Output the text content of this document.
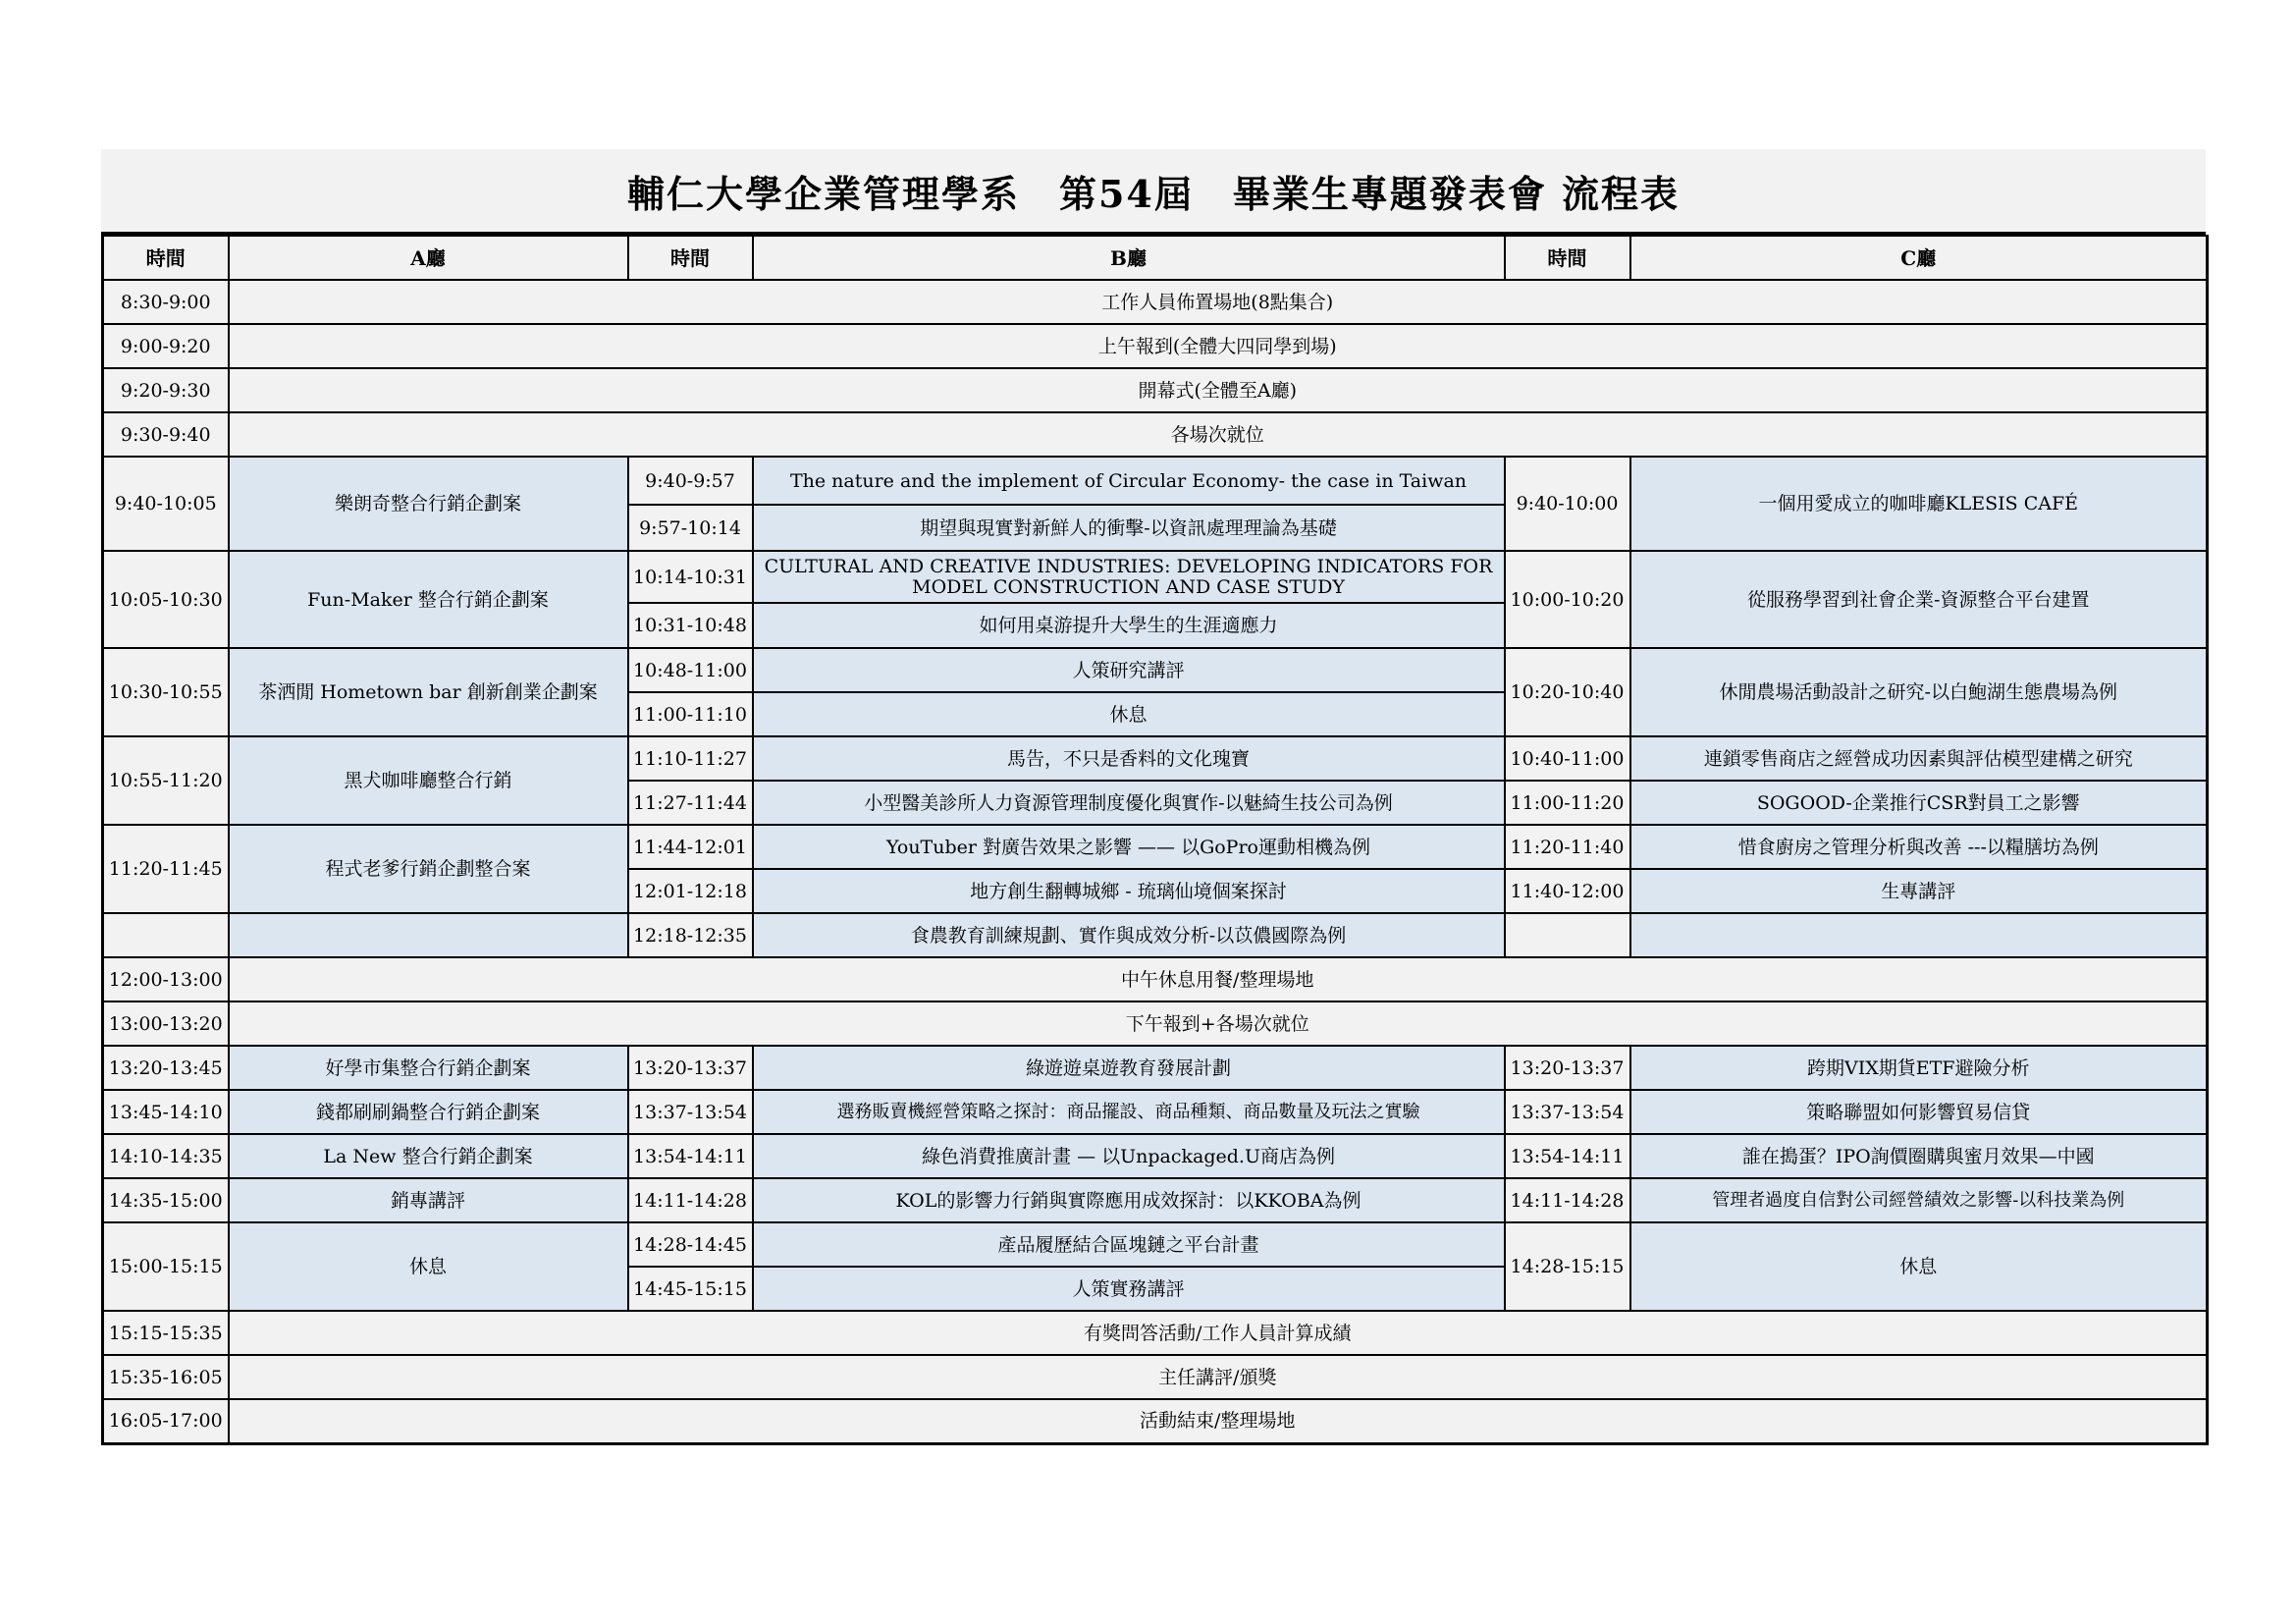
輔仁大學企業管理學系　第54屆　畢業生專題發表會 流程表
時間	A廳	時間	B廳	時間	C廳
8:30-9:00	工作人員佈置場地(8點集合)				
9:00-9:20	上午報到(全體大四同學到場)				
9:20-9:30	開幕式(全體至A廳)				
9:30-9:40	各場次就位				
9:40-10:05	樂朗奇整合行銷企劃案	9:40-9:57	The nature and the implement of Circular Economy- the case in Taiwan	9:40-10:00	一個用愛成立的咖啡廳KLESIS CAFÉ
		9:57-10:14	期望與現實對新鮮人的衝擊-以資訊處理理論為基礎		
10:05-10:30	Fun-Maker 整合行銷企劃案	10:14-10:31	CULTURAL AND CREATIVE INDUSTRIES: DEVELOPING INDICATORS FOR MODEL CONSTRUCTION AND CASE STUDY	10:00-10:20	從服務學習到社會企業-資源整合平台建置
		10:31-10:48	如何用桌游提升大學生的生涯適應力		
10:30-10:55	茶洒閒 Hometown bar 創新創業企劃案	10:48-11:00	人策研究講評	10:20-10:40	休閒農場活動設計之研究-以白鮑湖生態農場為例
		11:00-11:10	休息		
10:55-11:20	黑犬咖啡廳整合行銷	11:10-11:27	馬告，不只是香料的文化瑰寶	10:40-11:00	連鎖零售商店之經營成功因素與評估模型建構之研究
		11:27-11:44	小型醫美診所人力資源管理制度優化與實作-以魅綺生技公司為例	11:00-11:20	SOGOOD-企業推行CSR對員工之影響
11:20-11:45	程式老爹行銷企劃整合案	11:44-12:01	YouTuber 對廣告效果之影響 —— 以GoPro運動相機為例	11:20-11:40	惜食廚房之管理分析與改善 ---以糧膳坊為例
		12:01-12:18	地方創生翻轉城鄉 - 琉璃仙境個案探討	11:40-12:00	生專講評
		12:18-12:35	食農教育訓練規劃、實作與成效分析-以苡儂國際為例		
12:00-13:00	中午休息用餐/整理場地				
13:00-13:20	下午報到+各場次就位				
13:20-13:45	好學市集整合行銷企劃案	13:20-13:37	綠遊遊桌遊教育發展計劃	13:20-13:37	跨期VIX期貨ETF避險分析
13:45-14:10	錢都刷刷鍋整合行銷企劃案	13:37-13:54	選務販賣機經營策略之探討：商品擺設、商品種類、商品數量及玩法之實驗	13:37-13:54	策略聯盟如何影響貿易信貸
14:10-14:35	La New 整合行銷企劃案	13:54-14:11	綠色消費推廣計畫 — 以Unpackaged.U商店為例	13:54-14:11	誰在搗蛋？IPO詢價圈購與蜜月效果—中國
14:35-15:00	銷專講評	14:11-14:28	KOL的影響力行銷與實際應用成效探討：以KKOBA為例	14:11-14:28	管理者過度自信對公司經營績效之影響-以科技業為例
15:00-15:15	休息	14:28-14:45	產品履歷結合區塊鏈之平台計畫	14:28-15:15	休息
		14:45-15:15	人策實務講評		
15:15-15:35	有獎問答活動/工作人員計算成績				
15:35-16:05	主任講評/頒獎				
16:05-17:00	活動結束/整理場地				
